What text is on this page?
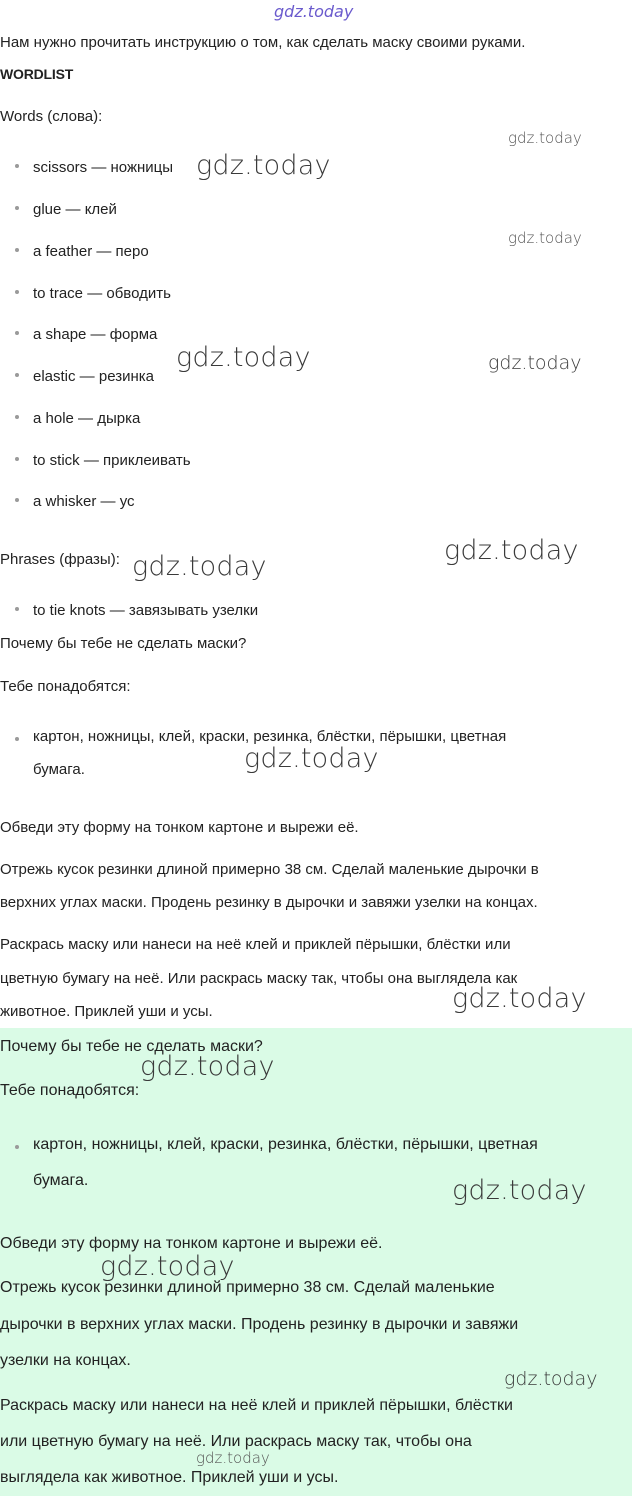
gdz.today

Нам нужно прочитать инструкцию о том, как сделать маску своими руками.

WORDLIST

Words (слова):

scissors — ножницы
glue — клей
a feather — перо
to trace — обводить
a shape — форма
elastic — резинка
a hole — дырка
to stick — приклеивать
a whisker — ус

Phrases (фразы):

to tie knots — завязывать узелки

Почему бы тебе не сделать маски?

Тебе понадобятся:

картон, ножницы, клей, краски, резинка, блёстки, пёрышки, цветная
бумага.

Обведи эту форму на тонком картоне и вырежи её.

Отрежь кусок резинки длиной примерно 38 см. Сделай маленькие дырочки в

верхних углах маски. Продень резинку в дырочки и завяжи узелки на концах.

Раскрась маску или нанеси на неё клей и приклей пёрышки, блёстки или

цветную бумагу на неё. Или раскрась маску так, чтобы она выглядела как

животное. Приклей уши и усы.

Почему бы тебе не сделать маски?

Тебе понадобятся:

картон, ножницы, клей, краски, резинка, блёстки, пёрышки, цветная
бумага.

Обведи эту форму на тонком картоне и вырежи её.

Отрежь кусок резинки длиной примерно 38 см. Сделай маленькие

дырочки в верхних углах маски. Продень резинку в дырочки и завяжи

узелки на концах.

Раскрась маску или нанеси на неё клей и приклей пёрышки, блёстки

или цветную бумагу на неё. Или раскрась маску так, чтобы она

выглядела как животное. Приклей уши и усы.

gdz.today
gdz.today
gdz.today
gdz.today	gdz.today
gdz.today
gdz.today
gdz.today
gdz.today
gdz.today
gdz.today
gdz.today
gdz.today
gdz.today
